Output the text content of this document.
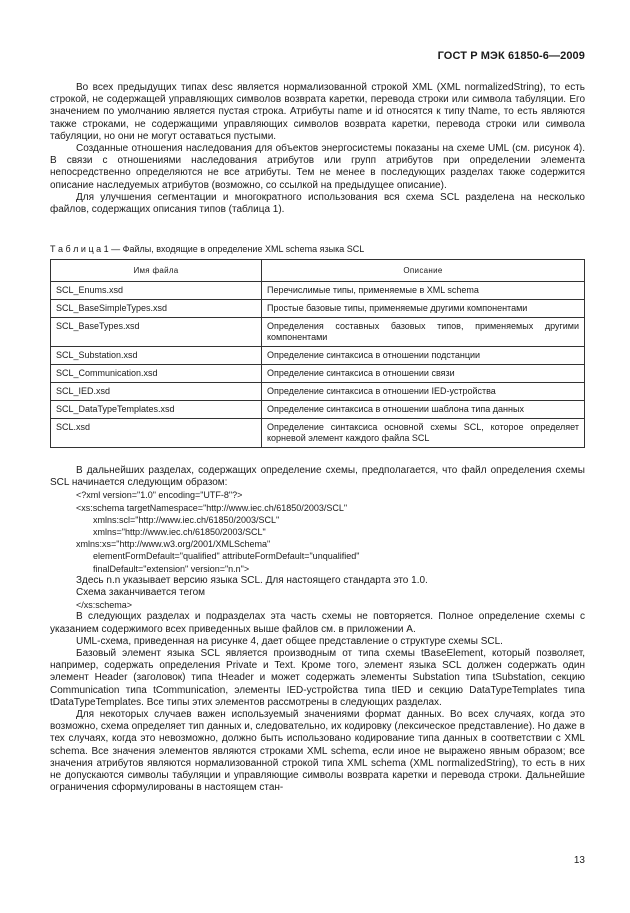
ГОСТ Р МЭК 61850-6—2009

Во всех предыдущих типах desc является нормализованной строкой XML (XML normalizedString), то есть строкой, не содержащей управляющих символов возврата каретки, перевода строки или символа табуляции. Его значением по умолчанию является пустая строка. Атрибуты name и id относятся к типу tName, то есть являются также строками, не содержащими управляющих символов возврата каретки, перевода строки или символа табуляции, но они не могут оставаться пустыми.

Созданные отношения наследования для объектов энергосистемы показаны на схеме UML (см. рисунок 4). В связи с отношениями наследования атрибутов или групп атрибутов при определении элемента непосредственно определяются не все атрибуты. Тем не менее в последующих разделах также содержится описание наследуемых атрибутов (возможно, со ссылкой на предыдущее описание).

Для улучшения сегментации и многократного использования вся схема SCL разделена на несколько файлов, содержащих описания типов (таблица 1).

Т а б л и ц а 1 — Файлы, входящие в определение XML schema языка SCL
Имя файла	Описание
SCL_Enums.xsd	Перечислимые типы, применяемые в XML schema
SCL_BaseSimpleTypes.xsd	Простые базовые типы, применяемые другими компонентами
SCL_BaseTypes.xsd	Определения составных базовых типов, применяемых другими компонентами
SCL_Substation.xsd	Определение синтаксиса в отношении подстанции
SCL_Communication.xsd	Определение синтаксиса в отношении связи
SCL_IED.xsd	Определение синтаксиса в отношении IED-устройства
SCL_DataTypeTemplates.xsd	Определение синтаксиса в отношении шаблона типа данных
SCL.xsd	Определение синтаксиса основной схемы SCL, которое определяет корневой элемент каждого файла SCL

В дальнейших разделах, содержащих определение схемы, предполагается, что файл определения схемы SCL начинается следующим образом:

<?xml version="1.0" encoding="UTF-8"?>
<xs:schema targetNamespace="http://www.iec.ch/61850/2003/SCL"
xmlns:scl="http://www.iec.ch/61850/2003/SCL"
xmlns="http://www.iec.ch/61850/2003/SCL"
xmlns:xs="http://www.w3.org/2001/XMLSchema"
elementFormDefault="qualified" attributeFormDefault="unqualified"
finalDefault="extension" version="n.n">

Здесь n.n указывает версию языка SCL. Для настоящего стандарта это 1.0.

Схема заканчивается тегом

</xs:schema>

В следующих разделах и подразделах эта часть схемы не повторяется. Полное определение схемы с указанием содержимого всех приведенных выше файлов см. в приложении А.

UML-схема, приведенная на рисунке 4, дает общее представление о структуре схемы SCL.

Базовый элемент языка SCL является производным от типа схемы tBaseElement, который позволяет, например, содержать определения Private и Text. Кроме того, элемент языка SCL должен содержать один элемент Header (заголовок) типа tHeader и может содержать элементы Substation типа tSubstation, секцию Communication типа tCommunication, элементы IED-устройства типа tIED и секцию DataTypeTemplates типа tDataTypeTemplates. Все типы этих элементов рассмотрены в следующих разделах.

Для некоторых случаев важен используемый значениями формат данных. Во всех случаях, когда это возможно, схема определяет тип данных и, следовательно, их кодировку (лексическое представление). Но даже в тех случаях, когда это невозможно, должно быть использовано кодирование типа данных в соответствии с XML schema. Все значения элементов являются строками XML schema, если иное не выражено явным образом; все значения атрибутов являются нормализованной строкой типа XML schema (XML normalizedString), то есть в них не допускаются символы табуляции и управляющие символы возврата каретки и перевода строки. Дальнейшие ограничения сформулированы в настоящем стан-

13
